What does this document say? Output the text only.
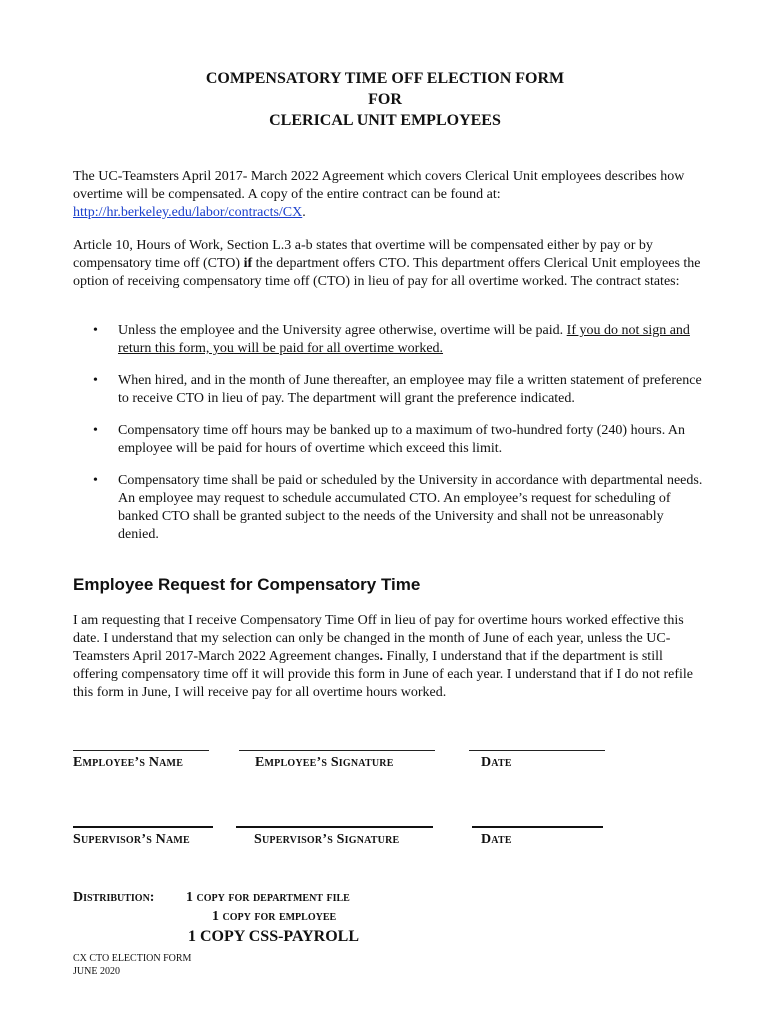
COMPENSATORY TIME OFF ELECTION FORM
FOR
CLERICAL UNIT EMPLOYEES
The UC-Teamsters April 2017- March 2022 Agreement which covers Clerical Unit employees describes how overtime will be compensated. A copy of the entire contract can be found at:
http://hr.berkeley.edu/labor/contracts/CX.
Article 10, Hours of Work, Section L.3 a-b states that overtime will be compensated either by pay or by compensatory time off (CTO) if the department offers CTO. This department offers Clerical Unit employees the option of receiving compensatory time off (CTO) in lieu of pay for all overtime worked. The contract states:
• Unless the employee and the University agree otherwise, overtime will be paid. If you do not sign and return this form, you will be paid for all overtime worked.
• When hired, and in the month of June thereafter, an employee may file a written statement of preference to receive CTO in lieu of pay. The department will grant the preference indicated.
• Compensatory time off hours may be banked up to a maximum of two-hundred forty (240) hours. An employee will be paid for hours of overtime which exceed this limit.
• Compensatory time shall be paid or scheduled by the University in accordance with departmental needs. An employee may request to schedule accumulated CTO. An employee’s request for scheduling of banked CTO shall be granted subject to the needs of the University and shall not be unreasonably denied.
Employee Request for Compensatory Time
I am requesting that I receive Compensatory Time Off in lieu of pay for overtime hours worked effective this date. I understand that my selection can only be changed in the month of June of each year, unless the UC-Teamsters April 2017-March 2022 Agreement changes. Finally, I understand that if the department is still offering compensatory time off it will provide this form in June of each year. I understand that if I do not refile this form in June, I will receive pay for all overtime hours worked.
Employee’s Name	Employee’s Signature	Date
Supervisor’s Name	Supervisor’s Signature	Date
Distribution: 1 copy for department file
1 copy for employee
1 COPY CSS-PAYROLL
CX CTO ELECTION FORM
JUNE 2020
